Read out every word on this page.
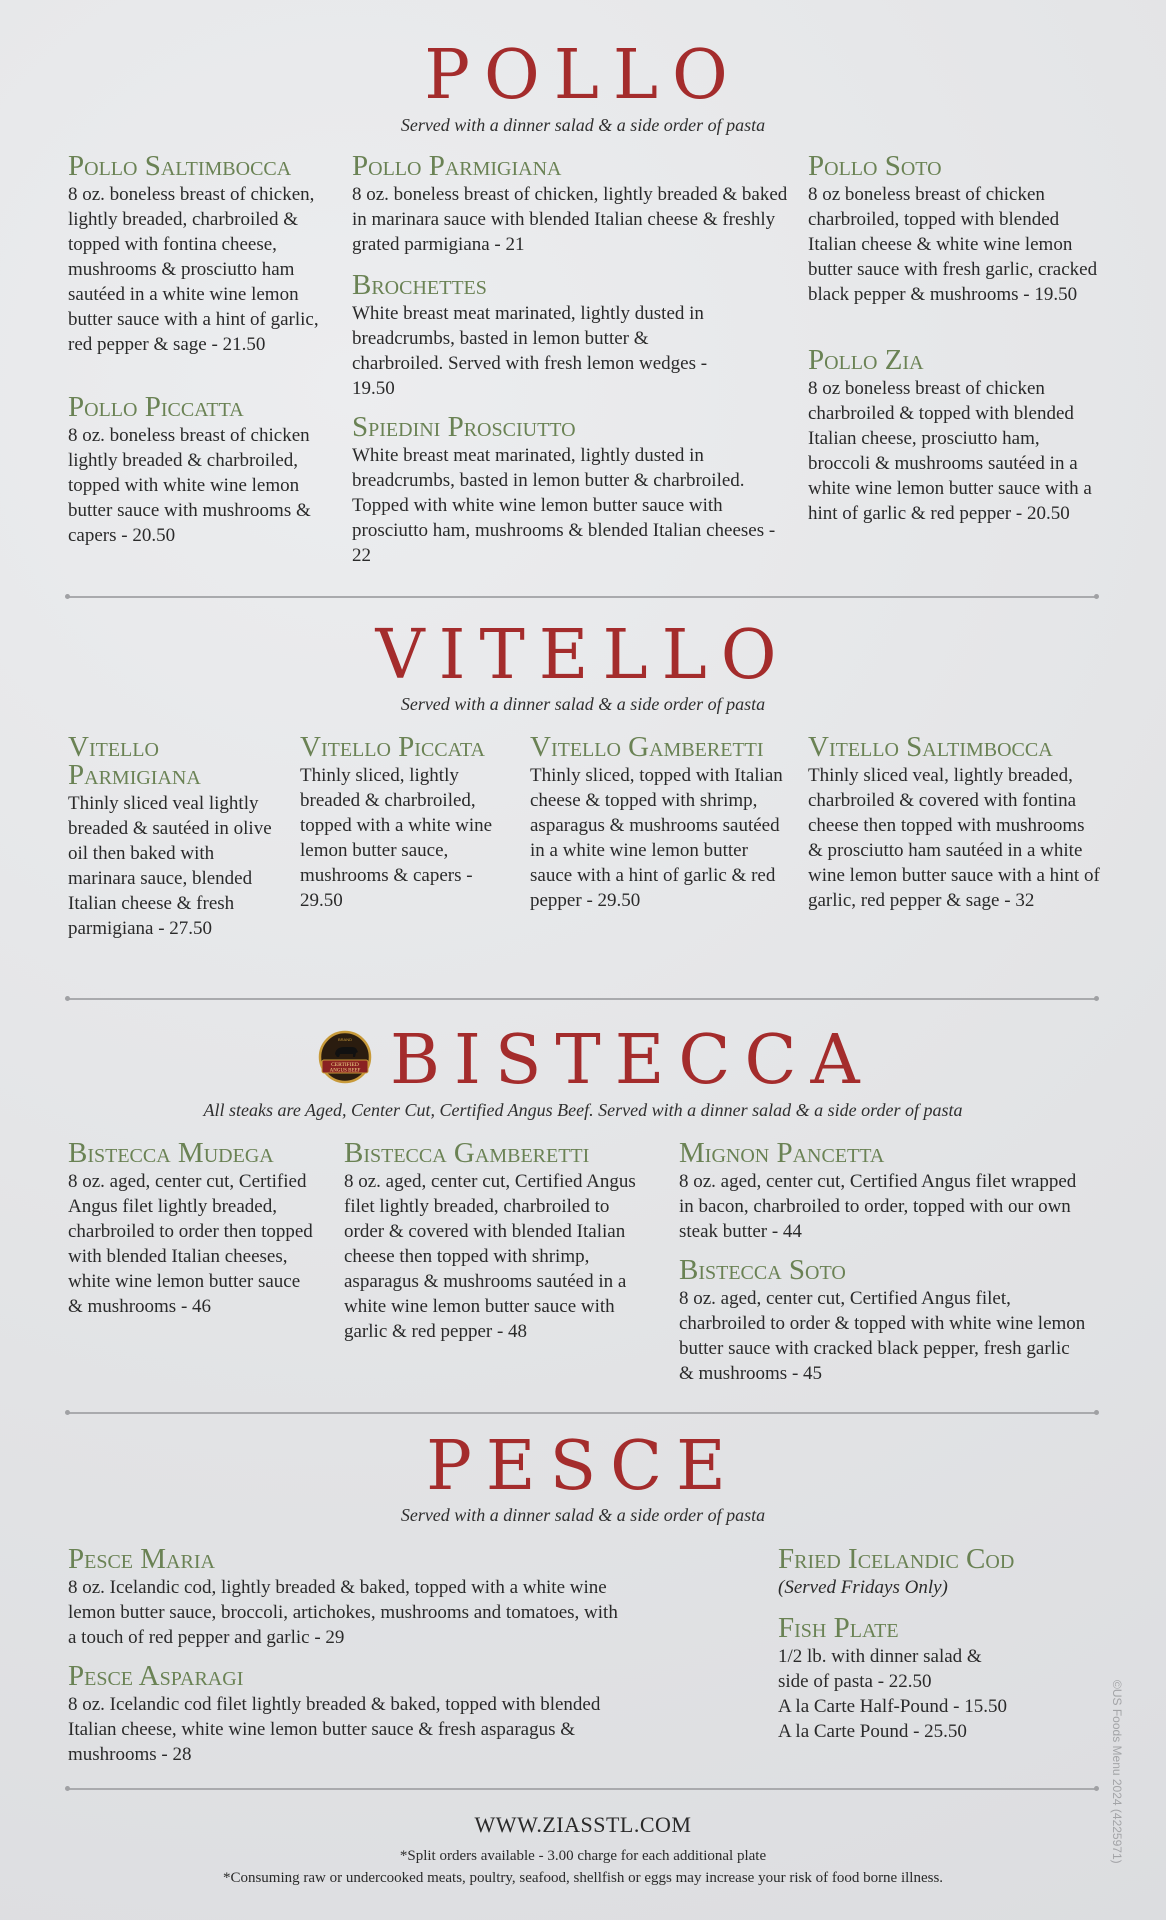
POLLO
Served with a dinner salad & a side order of pasta
Pollo Saltimbocca
8 oz. boneless breast of chicken, lightly breaded, charbroiled & topped with fontina cheese, mushrooms & prosciutto ham sautéed in a white wine lemon butter sauce with a hint of garlic, red pepper & sage - 21.50
Pollo Piccatta
8 oz. boneless breast of chicken lightly breaded & charbroiled, topped with white wine lemon butter sauce with mushrooms & capers - 20.50
Pollo Parmigiana
8 oz. boneless breast of chicken, lightly breaded & baked in marinara sauce with blended Italian cheese & freshly grated parmigiana - 21
Brochettes
White breast meat marinated, lightly dusted in breadcrumbs, basted in lemon butter & charbroiled. Served with fresh lemon wedges - 19.50
Spiedini Prosciutto
White breast meat marinated, lightly dusted in breadcrumbs, basted in lemon butter & charbroiled. Topped with white wine lemon butter sauce with prosciutto ham, mushrooms & blended Italian cheeses - 22
Pollo Soto
8 oz boneless breast of chicken charbroiled, topped with blended Italian cheese & white wine lemon butter sauce with fresh garlic, cracked black pepper & mushrooms - 19.50
Pollo Zia
8 oz boneless breast of chicken charbroiled & topped with blended Italian cheese, prosciutto ham, broccoli & mushrooms sautéed in a white wine lemon butter sauce with a hint of garlic & red pepper - 20.50
VITELLO
Served with a dinner salad & a side order of pasta
Vitello Parmigiana
Thinly sliced veal lightly breaded & sautéed in olive oil then baked with marinara sauce, blended Italian cheese & fresh parmigiana - 27.50
Vitello Piccata
Thinly sliced, lightly breaded & charbroiled, topped with a white wine lemon butter sauce, mushrooms & capers - 29.50
Vitello Gamberetti
Thinly sliced, topped with Italian cheese & topped with shrimp, asparagus & mushrooms sautéed in a white wine lemon butter sauce with a hint of garlic & red pepper - 29.50
Vitello Saltimbocca
Thinly sliced veal, lightly breaded, charbroiled & covered with fontina cheese then topped with mushrooms & prosciutto ham sautéed in a white wine lemon butter sauce with a hint of garlic, red pepper & sage - 32
CERTIFIED
ANGUS BEEF
BRAND BISTECCA
All steaks are Aged, Center Cut, Certified Angus Beef. Served with a dinner salad & a side order of pasta
Bistecca Mudega
8 oz. aged, center cut, Certified Angus filet lightly breaded, charbroiled to order then topped with blended Italian cheeses, white wine lemon butter sauce & mushrooms - 46
Bistecca Gamberetti
8 oz. aged, center cut, Certified Angus filet lightly breaded, charbroiled to order & covered with blended Italian cheese then topped with shrimp, asparagus & mushrooms sautéed in a white wine lemon butter sauce with garlic & red pepper - 48
Mignon Pancetta
8 oz. aged, center cut, Certified Angus filet wrapped in bacon, charbroiled to order, topped with our own steak butter - 44
Bistecca Soto
8 oz. aged, center cut, Certified Angus filet, charbroiled to order & topped with white wine lemon butter sauce with cracked black pepper, fresh garlic & mushrooms - 45
PESCE
Served with a dinner salad & a side order of pasta
Pesce Maria
8 oz. Icelandic cod, lightly breaded & baked, topped with a white wine lemon butter sauce, broccoli, artichokes, mushrooms and tomatoes, with a touch of red pepper and garlic - 29
Pesce Asparagi
8 oz. Icelandic cod filet lightly breaded & baked, topped with blended Italian cheese, white wine lemon butter sauce & fresh asparagus & mushrooms - 28
Fried Icelandic Cod
(Served Fridays Only)
Fish Plate
1/2 lb. with dinner salad & side of pasta - 22.50
A la Carte Half-Pound - 15.50
A la Carte Pound - 25.50
WWW.ZIASSTL.COM
*Split orders available - 3.00 charge for each additional plate
*Consuming raw or undercooked meats, poultry, seafood, shellfish or eggs may increase your risk of food borne illness.
©US Foods Menu 2024 (4225971)
